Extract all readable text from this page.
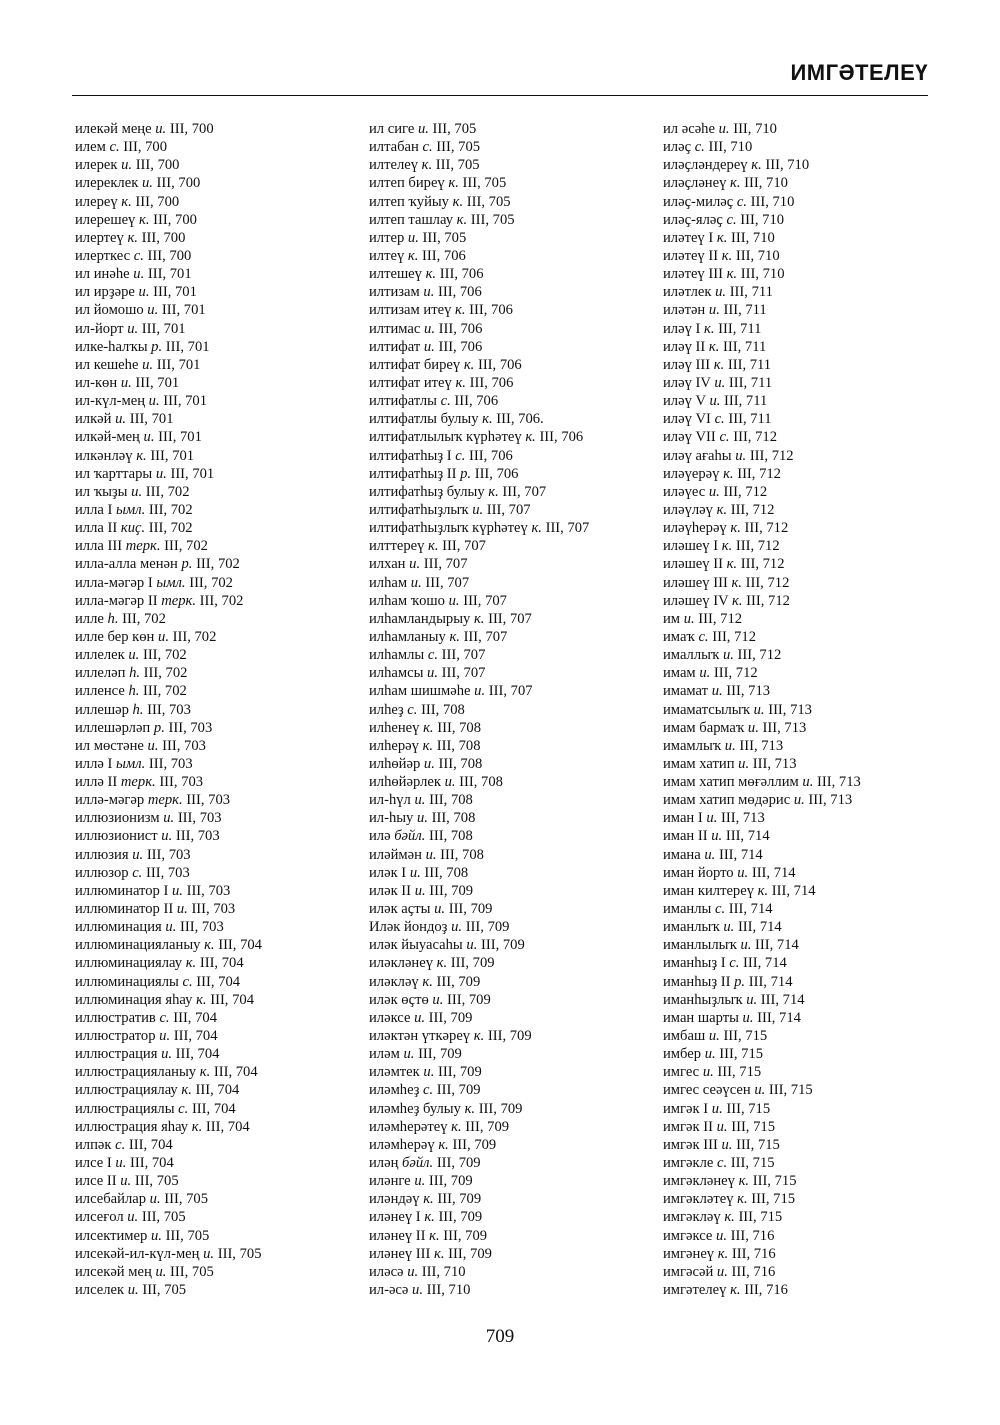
ИМГӘТЕЛЕҮ
илекәй меңе и. III, 700
илем с. III, 700
илерек и. III, 700
илереклек и. III, 700
илереү к. III, 700
илерешеү к. III, 700
илертеү к. III, 700
илерткес с. III, 700
ил инәһе и. III, 701
ил ирҙәре и. III, 701
ил йомошо и. III, 701
ил-йорт и. III, 701
илке-һалҡы р. III, 701
ил кешеһе и. III, 701
ил-көн и. III, 701
ил-күл-мең и. III, 701
илкәй и. III, 701
илкәй-мең и. III, 701
илкәнләү к. III, 701
ил ҡарттары и. III, 701
ил ҡыҙы и. III, 702
илла I ымл. III, 702
илла II киҫ. III, 702
илла III терк. III, 702
илла-алла менән р. III, 702
илла-мәгәр I ымл. III, 702
илла-мәгәр II терк. III, 702
илле һ. III, 702
илле бер көн и. III, 702
иллелек и. III, 702
иллеләп һ. III, 702
илленсе һ. III, 702
иллешәр һ. III, 703
иллешәрләп р. III, 703
ил мөстәне и. III, 703
иллә I ымл. III, 703
иллә II терк. III, 703
иллә-мәгәр терк. III, 703
иллюзионизм и. III, 703
иллюзионист и. III, 703
иллюзия и. III, 703
иллюзор с. III, 703
иллюминатор I и. III, 703
иллюминатор II и. III, 703
иллюминация и. III, 703
иллюминацияланыу к. III, 704
иллюминациялау к. III, 704
иллюминациялы с. III, 704
иллюминация яһау к. III, 704
иллюстратив с. III, 704
иллюстратор и. III, 704
иллюстрация и. III, 704
иллюстрацияланыу к. III, 704
иллюстрациялау к. III, 704
иллюстрациялы с. III, 704
иллюстрация яһау к. III, 704
илпәк с. III, 704
илсе I и. III, 704
илсе II и. III, 705
илсебайлар и. III, 705
илсеғол и. III, 705
илсектимер и. III, 705
илсекәй-ил-күл-мең и. III, 705
илсекәй мең и. III, 705
илселек и. III, 705
ил сиге и. III, 705
илтабан с. III, 705
илтелеү к. III, 705
илтеп биреү к. III, 705
илтеп ҡуйыу к. III, 705
илтеп ташлау к. III, 705
илтер и. III, 705
илтеү к. III, 706
илтешеү к. III, 706
илтизам и. III, 706
илтизам итеү к. III, 706
илтимас и. III, 706
илтифат и. III, 706
илтифат биреү к. III, 706
илтифат итеү к. III, 706
илтифатлы с. III, 706
илтифатлы булыу к. III, 706.
илтифатлылыҡ күрһәтеү к. III, 706
илтифатһыҙ I с. III, 706
илтифатһыҙ II р. III, 706
илтифатһыҙ булыу к. III, 707
илтифатһыҙлыҡ и. III, 707
илтифатһыҙлыҡ күрһәтеү к. III, 707
илттереү к. III, 707
илхан и. III, 707
илһам и. III, 707
илһам ҡошо и. III, 707
илһамландырыу к. III, 707
илһамланыу к. III, 707
илһамлы с. III, 707
илһамсы и. III, 707
илһам шишмәһе и. III, 707
илһеҙ с. III, 708
илһенеү к. III, 708
илһерәү к. III, 708
илһөйәр и. III, 708
илһөйәрлек и. III, 708
ил-һүл и. III, 708
ил-һыу и. III, 708
илә бәйл. III, 708
иләймән и. III, 708
иләк I и. III, 708
иләк II и. III, 709
иләк аҫты и. III, 709
Иләк йондоҙ и. III, 709
иләк йыуасаһы и. III, 709
иләкләнеү к. III, 709
иләкләү к. III, 709
иләк өҫтө и. III, 709
иләксе и. III, 709
иләктән үткәреү к. III, 709
иләм и. III, 709
иләмтек и. III, 709
иләмһеҙ с. III, 709
иләмһеҙ булыу к. III, 709
иләмһерәтеү к. III, 709
иләмһерәү к. III, 709
иләң бәйл. III, 709
иләнге и. III, 709
иләндәү к. III, 709
иләнеү I к. III, 709
иләнеү II к. III, 709
иләнеү III к. III, 709
иләсә и. III, 710
ил-әсә и. III, 710
ил әсәһе и. III, 710
иләҫ с. III, 710
иләҫләндереү к. III, 710
иләҫләнеү к. III, 710
иләҫ-миләҫ с. III, 710
иләҫ-яләҫ с. III, 710
иләтеү I к. III, 710
иләтеү II к. III, 710
иләтеү III к. III, 710
иләтлек и. III, 711
иләтән и. III, 711
иләү I к. III, 711
иләү II к. III, 711
иләү III к. III, 711
иләү IV и. III, 711
иләү V и. III, 711
иләү VI с. III, 711
иләү VII с. III, 712
иләү ағаһы и. III, 712
иләүерәү к. III, 712
иләүес и. III, 712
иләүләү к. III, 712
иләүһерәү к. III, 712
иләшеү I к. III, 712
иләшеү II к. III, 712
иләшеү III к. III, 712
иләшеү IV к. III, 712
им и. III, 712
имаҡ с. III, 712
ималлыҡ и. III, 712
имам и. III, 712
имамат и. III, 713
имаматсылыҡ и. III, 713
имам бармаҡ и. III, 713
имамлыҡ и. III, 713
имам хатип и. III, 713
имам хатип мөғәллим и. III, 713
имам хатип мөдәрис и. III, 713
иман I и. III, 713
иман II и. III, 714
имана и. III, 714
иман йорто и. III, 714
иман килтереү к. III, 714
иманлы с. III, 714
иманлыҡ и. III, 714
иманлылыҡ и. III, 714
иманһыҙ I с. III, 714
иманһыҙ II р. III, 714
иманһыҙлыҡ и. III, 714
иман шарты и. III, 714
имбаш и. III, 715
имбер и. III, 715
имгес и. III, 715
имгес сеәүсен и. III, 715
имгәк I и. III, 715
имгәк II и. III, 715
имгәк III и. III, 715
имгәкле с. III, 715
имгәкләнеү к. III, 715
имгәкләтеү к. III, 715
имгәкләү к. III, 715
имгәксе и. III, 716
имгәнеү к. III, 716
имгәсәй и. III, 716
имгәтелеү к. III, 716
709
